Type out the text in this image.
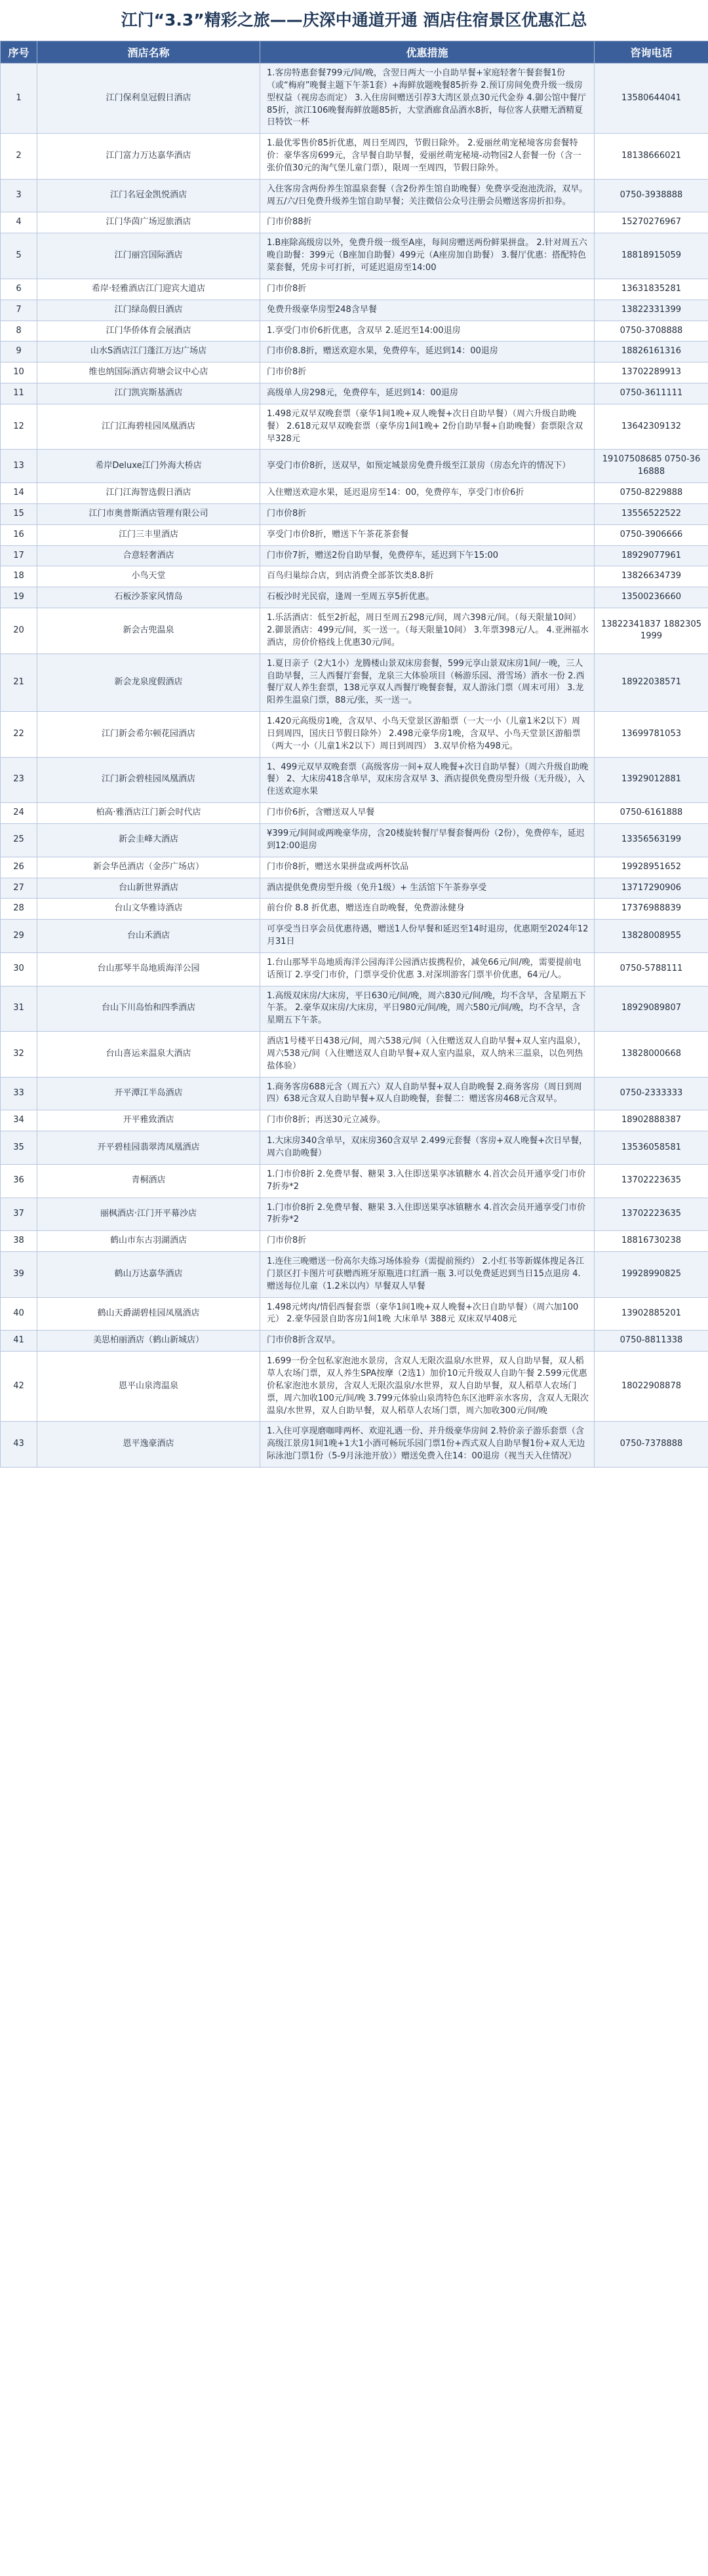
江门“3.3”精彩之旅——庆深中通道开通 酒店住宿景区优惠汇总
序号	酒店名称	优惠措施	咨询电话
1	江门保利皇冠假日酒店	1.客房特惠套餐799元/间/晚，含翌日两大一小自助早餐+家庭轻奢午餐套餐1份（或“梅府”晚餐主题下午茶1套）+海鲜放题晚餐85折券 2.预订房间免费升级一级房型权益（视房态而定） 3.入住房间赠送引荐3大湾区景点30元代金券 4.御公馆中餐厅85折，滨江106晚餐海鲜放题85折，大堂酒廊食品酒水8折，每位客人获赠无酒精夏日特饮一杯	13580644041
2	江门富力万达嘉华酒店	1.最优零售价85折优惠，周日至周四，节假日除外。 2.爱丽丝萌宠秘境客房套餐特价：豪华客房699元，含早餐自助早餐，爱丽丝萌宠秘境-动物园2人套餐一份（含一张价值30元的淘气堡儿童门票），限周一至周四，节假日除外。	18138666021
3	江门名冠金凯悦酒店	入住客房含两份养生馆温泉套餐（含2份养生馆自助晚餐）免费享受泡池洗浴，双早。 周五/六/日免费升级养生馆自助早餐；关注微信公众号注册会员赠送客房折扣券。	0750-3938888
4	江门华茵广场逗旅酒店	门市价88折	15270276967
5	江门丽宫国际酒店	1.B座除高级房以外，免费升级一级至A座，每间房赠送两份鲜果拼盘。 2.针对周五六晚自助餐：399元（B座加自助餐）499元（A座房加自助餐） 3.餐厅优惠：搭配特色菜套餐，凭房卡可打折，可延迟退房至14:00	18818915059
6	希岸·轻雅酒店江门迎宾大道店	门市价8折	13631835281
7	江门绿岛假日酒店	免费升级豪华房型248含早餐	13822331399
8	江门华侨体育会展酒店	1.享受门市价6折优惠，含双早 2.延迟至14:00退房	0750-3708888
9	山水S酒店江门蓬江万达广场店	门市价8.8折，赠送欢迎水果，免费停车，延迟到14：00退房	18826161316
10	维也纳国际酒店荷塘会议中心店	门市价8折	13702289913
11	江门凯宾斯基酒店	高级单人房298元，免费停车，延迟到14：00退房	0750-3611111
12	江门江海碧桂园凤凰酒店	1.498元双早双晚套票（豪华1间1晚+双人晚餐+次日自助早餐）（周六升级自助晚餐） 2.618元双早双晚套票（豪华房1间1晚+ 2份自助早餐+自助晚餐）套票限含双早328元	13642309132
13	希岸Deluxe江门外海大桥店	享受门市价8折，送双早，如预定城景房免费升级至江景房（房态允许的情况下）	19107508685 0750-3616888
14	江门江海智选假日酒店	入住赠送欢迎水果，延迟退房至14：00，免费停车，享受门市价6折	0750-8229888
15	江门市奥普斯酒店管理有限公司	门市价8折	13556522522
16	江门三丰里酒店	享受门市价8折，赠送下午茶花茶套餐	0750-3906666
17	合意轻奢酒店	门市价7折，赠送2份自助早餐，免费停车，延迟到下午15:00	18929077961
18	小鸟天堂	百鸟归巢综合店，到店消费全部茶饮类8.8折	13826634739
19	石板沙茶家风情岛	石板沙时光民宿，逢周一至周五享5折优惠。	13500236660
20	新会古兜温泉	1.乐活酒店：低至2折起，周日至周五298元/间，周六398元/间。（每天限量10间） 2.御景酒店：499元/间，买一送一。（每天限量10间） 3.年票398元/人。 4.亚洲福水酒店，房价价格线上优惠30元/间。	13822341837 18823051999
21	新会龙泉度假酒店	1.夏日亲子（2大1小）龙腾楼山景双床房套餐，599元享山景双床房1间/一晚，三人自助早餐，三人西餐厅套餐，龙泉三大体验项目（畅游乐园、滑雪场）酒水一份 2.西餐厅双人养生套票，138元享双人西餐厅晚餐套餐，双人游泳门票（周末可用） 3.龙阳养生温泉门票，88元/张，买一送一。	18922038571
22	江门新会希尔顿花园酒店	1.420元高级房1晚，含双早、小鸟天堂景区游船票（一大一小（儿童1米2以下）周日到周四，国庆日节假日除外） 2.498元豪华房1晚，含双早、小鸟天堂景区游船票（两大一小（儿童1米2以下）周日到周四） 3.双早价格为498元。	13699781053
23	江门新会碧桂园凤凰酒店	1、499元双早双晚套票（高级客房一间+双人晚餐+次日自助早餐）（周六升级自助晚餐） 2、大床房418含单早，双床房含双早 3、酒店提供免费房型升级（无升级），入住送欢迎水果	13929012881
24	柏高·雅酒店江门新会时代店	门市价6折，含赠送双人早餐	0750-6161888
25	新会圭峰大酒店	¥399元/间间或两晚豪华房，含20楼旋转餐厅早餐套餐两份（2份），免费停车，延迟到12:00退房	13356563199
26	新会华邑酒店（金莎广场店）	门市价8折，赠送水果拼盘或两杯饮品	19928951652
27	台山新世界酒店	酒店提供免费房型升级（免升1级）+ 生活馆下午茶券享受	13717290906
28	台山文华雅诗酒店	前台价 8.8 折优惠，赠送连自助晚餐，免费游泳健身	17376988839
29	台山禾酒店	可享受当日享会员优惠待遇，赠送1人份早餐和延迟至14时退房，优惠期至2024年12月31日	13828008955
30	台山那琴半岛地质海洋公园	1.台山那琴半岛地质海洋公园海洋公园酒店拔携程价，减免66元/间/晚，需要提前电话预订 2.享受门市价，门票享受价优惠 3.对深圳游客门票半价优惠，64元/人。	0750-5788111
31	台山下川岛怡和四季酒店	1.高级双床房/大床房，平日630元/间/晚，周六830元/间/晚，均不含早，含星期五下午茶。 2.豪华双床房/大床房，平日980元/间/晚，周六580元/间/晚，均不含早，含星期五下午茶。	18929089807
32	台山喜运来温泉大酒店	酒店1号楼平日438元/间，周六538元/间（入住赠送双人自助早餐+双人室内温泉），周六538元/间（入住赠送双人自助早餐+双人室内温泉，双人纳米三温泉，以色列热盐体验）	13828000668
33	开平潭江半岛酒店	1.商务客房688元含（周五六）双人自助早餐+双人自助晚餐 2.商务客房（周日到周四）638元含双人自助早餐+双人自助晚餐，套餐二：赠送客房468元含双早。	0750-2333333
34	开平雅致酒店	门市价8折；再送30元立减券。	18902888387
35	开平碧桂园翡翠湾凤凰酒店	1.大床房340含单早，双床房360含双早 2.499元套餐（客房+双人晚餐+次日早餐，周六自助晚餐）	13536058581
36	青桐酒店	1.门市价8折 2.免费早餐、糖果 3.入住即送果享冰镇糖水 4.首次会员开通享受门市价7折券*2	13702223635
37	丽枫酒店·江门开平幕沙店	1.门市价8折 2.免费早餐、糖果 3.入住即送果享冰镇糖水 4.首次会员开通享受门市价7折券*2	13702223635
38	鹤山市东古羽湖酒店	门市价8折	18816730238
39	鹤山万达嘉华酒店	1.连住三晚赠送一份高尔夫练习场体验券（需提前预约） 2.小红书等新媒体搜足各江门景区打卡图片可获赠西班牙原瓶进口红酒一瓶 3.可以免费延迟到当日15点退房 4.赠送每位儿童（1.2米以内）早餐双人早餐	19928990825
40	鹤山天爵湖碧桂园凤凰酒店	1.498元烤肉/情侣西餐套票（豪华1间1晚+双人晚餐+次日自助早餐）（周六加100元） 2.豪华园景自助客房1间1晚 大床单早 388元 双床双早408元	13902885201
41	美思柏丽酒店（鹤山新城店）	门市价8折含双早。	0750-8811338
42	恩平山泉湾温泉	1.699一份全包私家泡池水景房，含双人无限次温泉/水世界，双人自助早餐，双人稻草人农场门票，双人养生SPA按摩（2选1）加价10元升级双人自助午餐 2.599元优惠价私家泡池水景房，含双人无限次温泉/水世界，双人自助早餐，双人稻草人农场门票，周六加收100元/间/晚 3.799元体验山泉湾特色东区池畔亲水客房，含双人无限次温泉/水世界，双人自助早餐，双人稻草人农场门票，周六加收300元/间/晚	18022908878
43	恩平逸豪酒店	1.入住可享现磨咖啡两杯、欢迎礼遇一份、并升级豪华房间 2.特价亲子游乐套票（含高级江景房1间1晚+1大1小酒可畅玩乐园门票1份+西式双人自助早餐1份+双人无边际泳池门票1份（5-9月泳池开放））赠送免费入住14：00退房（视当天入住情况）	0750-7378888
